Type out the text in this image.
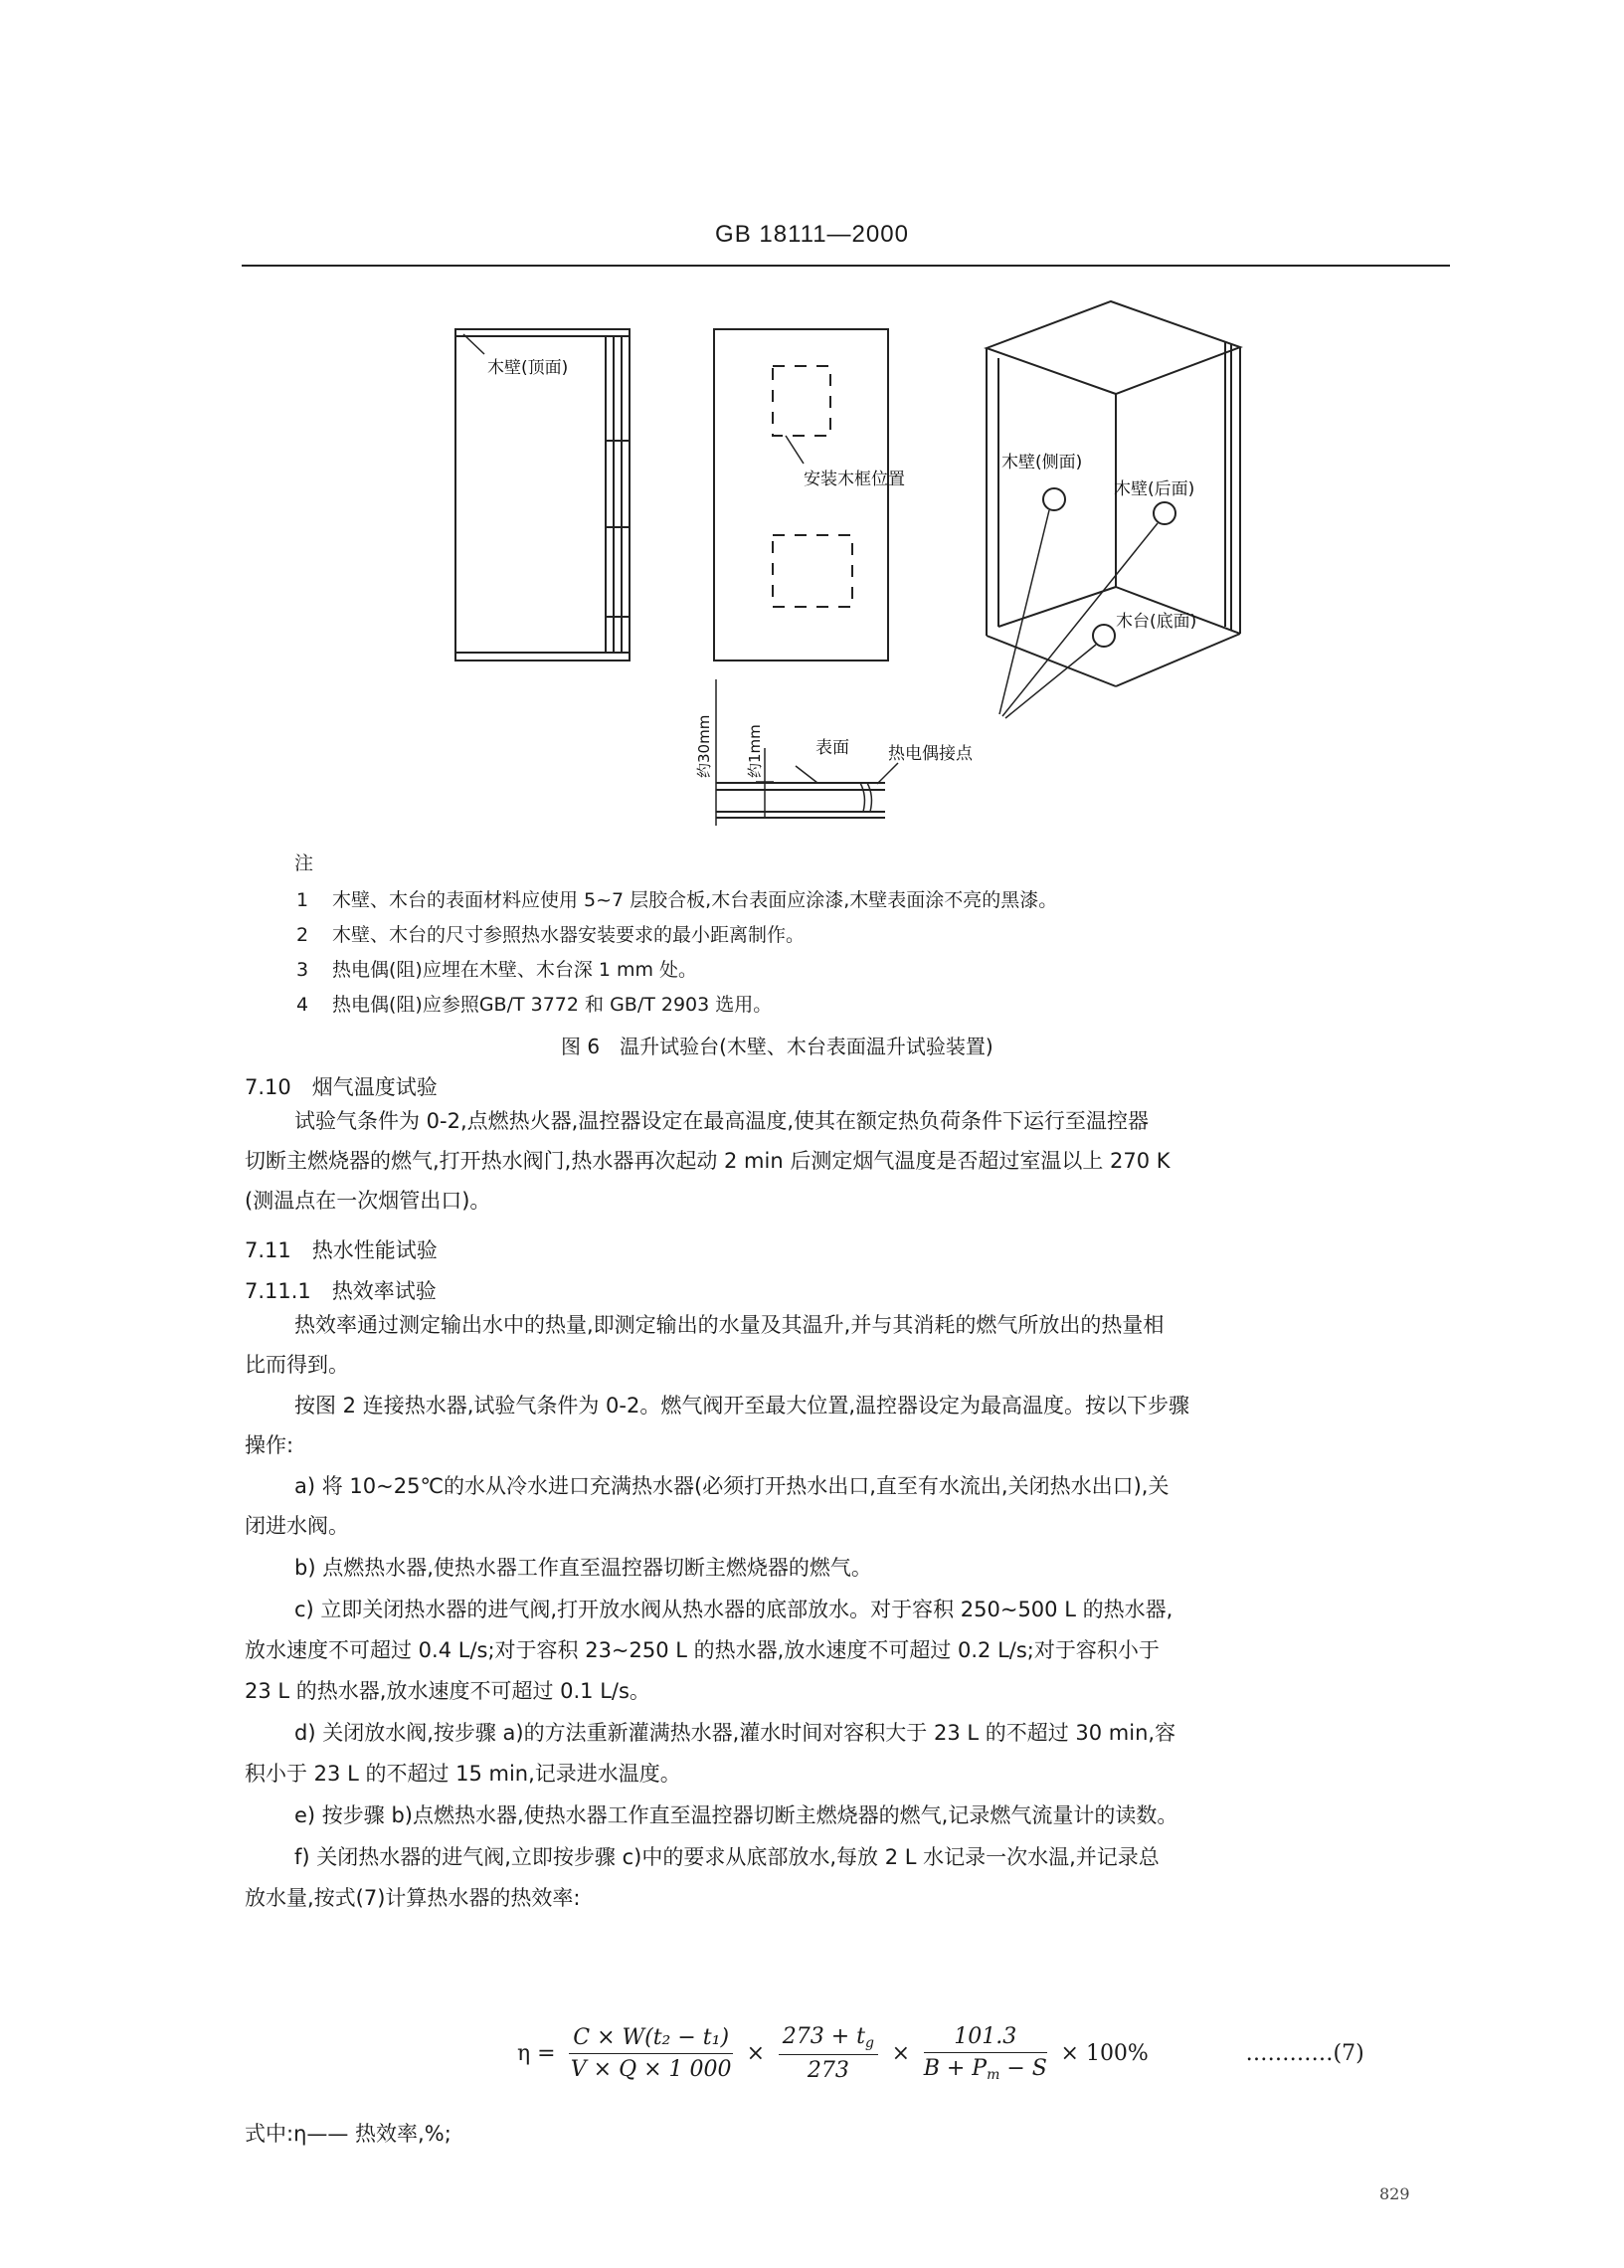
GB 18111—2000
木壁(顶面)
安装木框位置
木壁(侧面)
木壁(后面)
木台(底面)
约30mm 约1mm	表面 热电偶接点
注
1 木壁、木台的表面材料应使用 5~7 层胶合板,木台表面应涂漆,木壁表面涂不亮的黑漆。
2 木壁、木台的尺寸参照热水器安装要求的最小距离制作。
3 热电偶(阻)应埋在木壁、木台深 1 mm 处。
4 热电偶(阻)应参照GB/T 3772 和 GB/T 2903 选用。
图 6　温升试验台(木壁、木台表面温升试验装置)
7.10　烟气温度试验
试验气条件为 0-2,点燃热火器,温控器设定在最高温度,使其在额定热负荷条件下运行至温控器
切断主燃烧器的燃气,打开热水阀门,热水器再次起动 2 min 后测定烟气温度是否超过室温以上 270 K
(测温点在一次烟管出口)。
7.11　热水性能试验
7.11.1　热效率试验
热效率通过测定输出水中的热量,即测定输出的水量及其温升,并与其消耗的燃气所放出的热量相
比而得到。
按图 2 连接热水器,试验气条件为 0-2。燃气阀开至最大位置,温控器设定为最高温度。按以下步骤
操作:
a) 将 10~25℃的水从冷水进口充满热水器(必须打开热水出口,直至有水流出,关闭热水出口),关
闭进水阀。
b) 点燃热水器,使热水器工作直至温控器切断主燃烧器的燃气。
c) 立即关闭热水器的进气阀,打开放水阀从热水器的底部放水。对于容积 250~500 L 的热水器,
放水速度不可超过 0.4 L/s;对于容积 23~250 L 的热水器,放水速度不可超过 0.2 L/s;对于容积小于
23 L 的热水器,放水速度不可超过 0.1 L/s。
d) 关闭放水阀,按步骤 a)的方法重新灌满热水器,灌水时间对容积大于 23 L 的不超过 30 min,容
积小于 23 L 的不超过 15 min,记录进水温度。
e) 按步骤 b)点燃热水器,使热水器工作直至温控器切断主燃烧器的燃气,记录燃气流量计的读数。
f) 关闭热水器的进气阀,立即按步骤 c)中的要求从底部放水,每放 2 L 水记录一次水温,并记录总
放水量,按式(7)计算热水器的热效率:
$\eta = \frac{\text{C × W(t₂ − t₁)}}{V \times Q \times 1 000} \times \frac{273 + t_g}{273} \times \frac{101.3}{B + P_m - S} \times 100\%$	…………(7)
式中:η—— 热效率,%;
829
